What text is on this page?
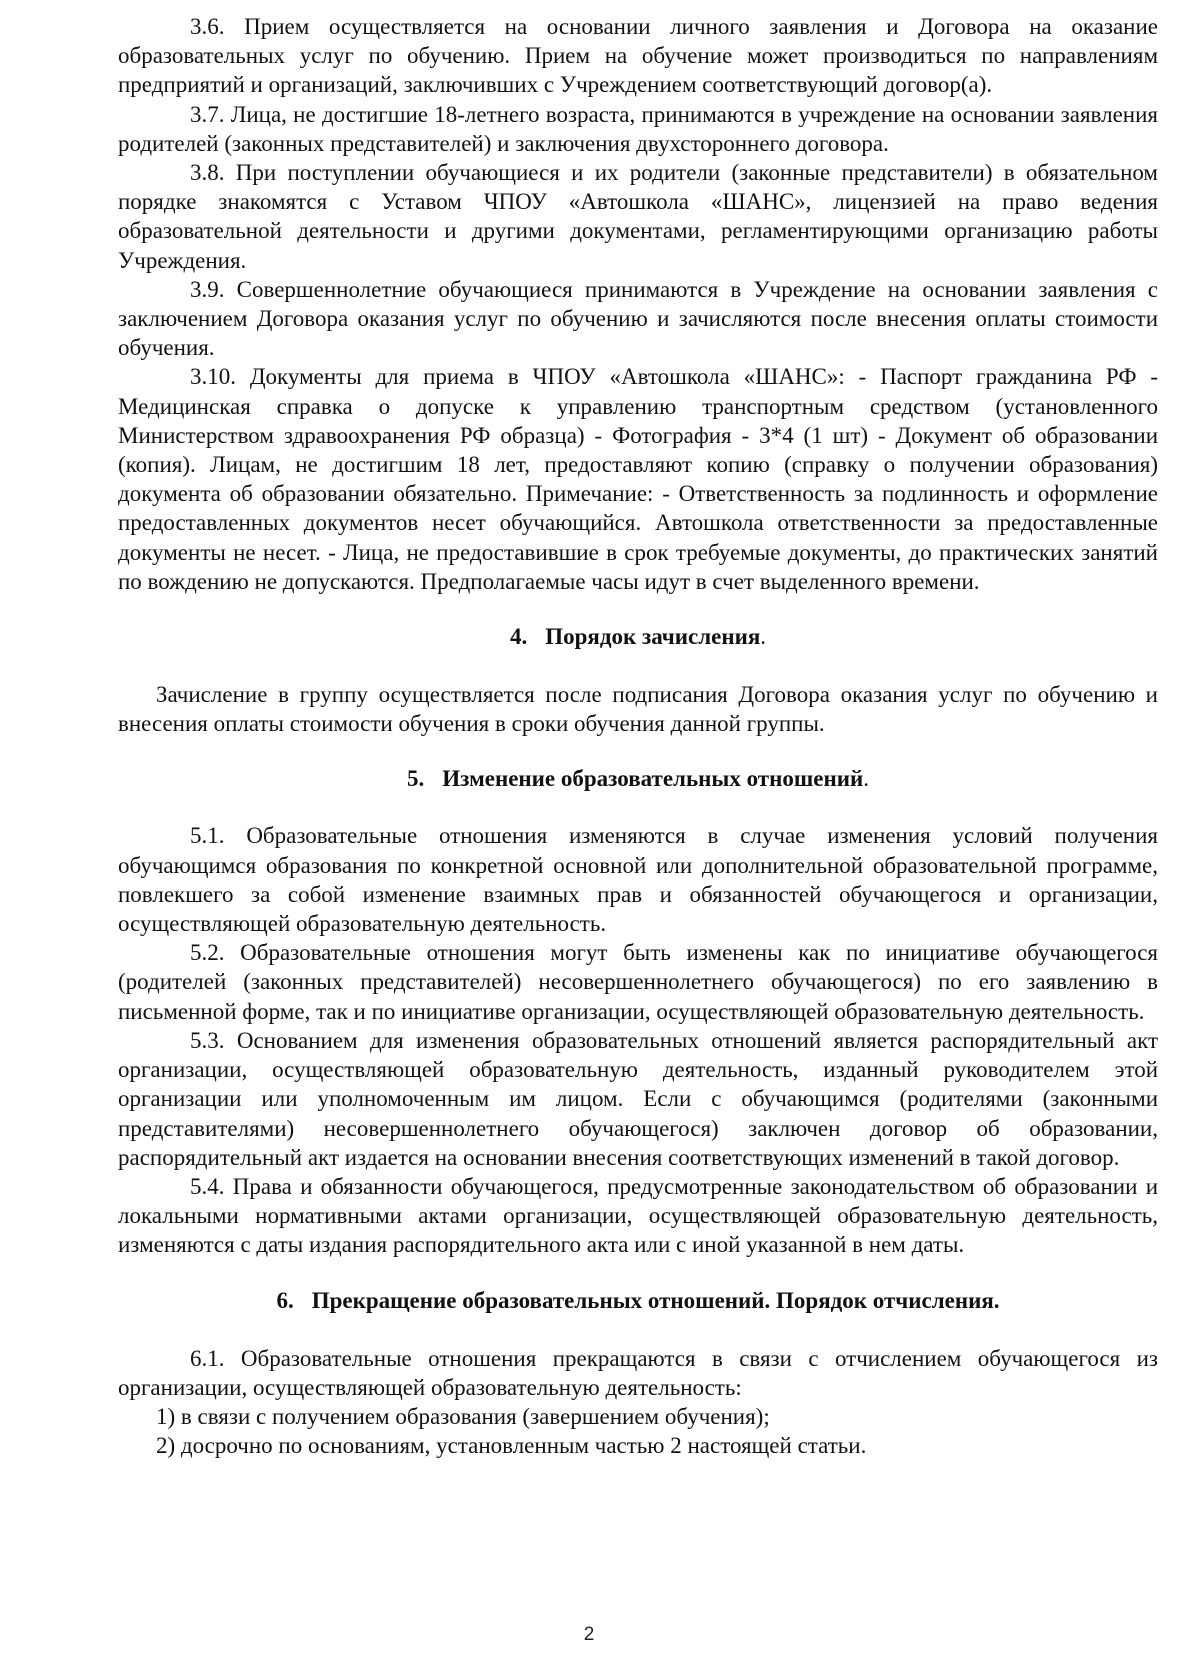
3.6. Прием осуществляется на основании личного заявления и Договора на оказание образовательных услуг по обучению. Прием на обучение может производиться по направлениям предприятий и организаций, заключивших с Учреждением соответствующий договор(а).

3.7. Лица, не достигшие 18-летнего возраста, принимаются в учреждение на основании заявления родителей (законных представителей) и заключения двухстороннего договора.

3.8. При поступлении обучающиеся и их родители (законные представители) в обязательном порядке знакомятся с Уставом ЧПОУ «Автошкола «ШАНС», лицензией на право ведения образовательной деятельности и другими документами, регламентирующими организацию работы Учреждения.

3.9. Совершеннолетние обучающиеся принимаются в Учреждение на основании заявления с заключением Договора оказания услуг по обучению и зачисляются после внесения оплаты стоимости обучения.

3.10. Документы для приема в ЧПОУ «Автошкола «ШАНС»: - Паспорт гражданина РФ - Медицинская справка о допуске к управлению транспортным средством (установленного Министерством здравоохранения РФ образца) - Фотография - 3*4 (1 шт) - Документ об образовании (копия). Лицам, не достигшим 18 лет, предоставляют копию (справку о получении образования) документа об образовании обязательно. Примечание: - Ответственность за подлинность и оформление предоставленных документов несет обучающийся. Автошкола ответственности за предоставленные документы не несет. - Лица, не предоставившие в срок требуемые документы, до практических занятий по вождению не допускаются. Предполагаемые часы идут в счет выделенного времени.

4. Порядок зачисления.

Зачисление в группу осуществляется после подписания Договора оказания услуг по обучению и внесения оплаты стоимости обучения в сроки обучения данной группы.

5. Изменение образовательных отношений.

5.1. Образовательные отношения изменяются в случае изменения условий получения обучающимся образования по конкретной основной или дополнительной образовательной программе, повлекшего за собой изменение взаимных прав и обязанностей обучающегося и организации, осуществляющей образовательную деятельность.

5.2. Образовательные отношения могут быть изменены как по инициативе обучающегося (родителей (законных представителей) несовершеннолетнего обучающегося) по его заявлению в письменной форме, так и по инициативе организации, осуществляющей образовательную деятельность.

5.3. Основанием для изменения образовательных отношений является распорядительный акт организации, осуществляющей образовательную деятельность, изданный руководителем этой организации или уполномоченным им лицом. Если с обучающимся (родителями (законными представителями) несовершеннолетнего обучающегося) заключен договор об образовании, распорядительный акт издается на основании внесения соответствующих изменений в такой договор.

5.4. Права и обязанности обучающегося, предусмотренные законодательством об образовании и локальными нормативными актами организации, осуществляющей образовательную деятельность, изменяются с даты издания распорядительного акта или с иной указанной в нем даты.

6. Прекращение образовательных отношений. Порядок отчисления.

6.1. Образовательные отношения прекращаются в связи с отчислением обучающегося из организации, осуществляющей образовательную деятельность:

1) в связи с получением образования (завершением обучения);

2) досрочно по основаниям, установленным частью 2 настоящей статьи.

2
